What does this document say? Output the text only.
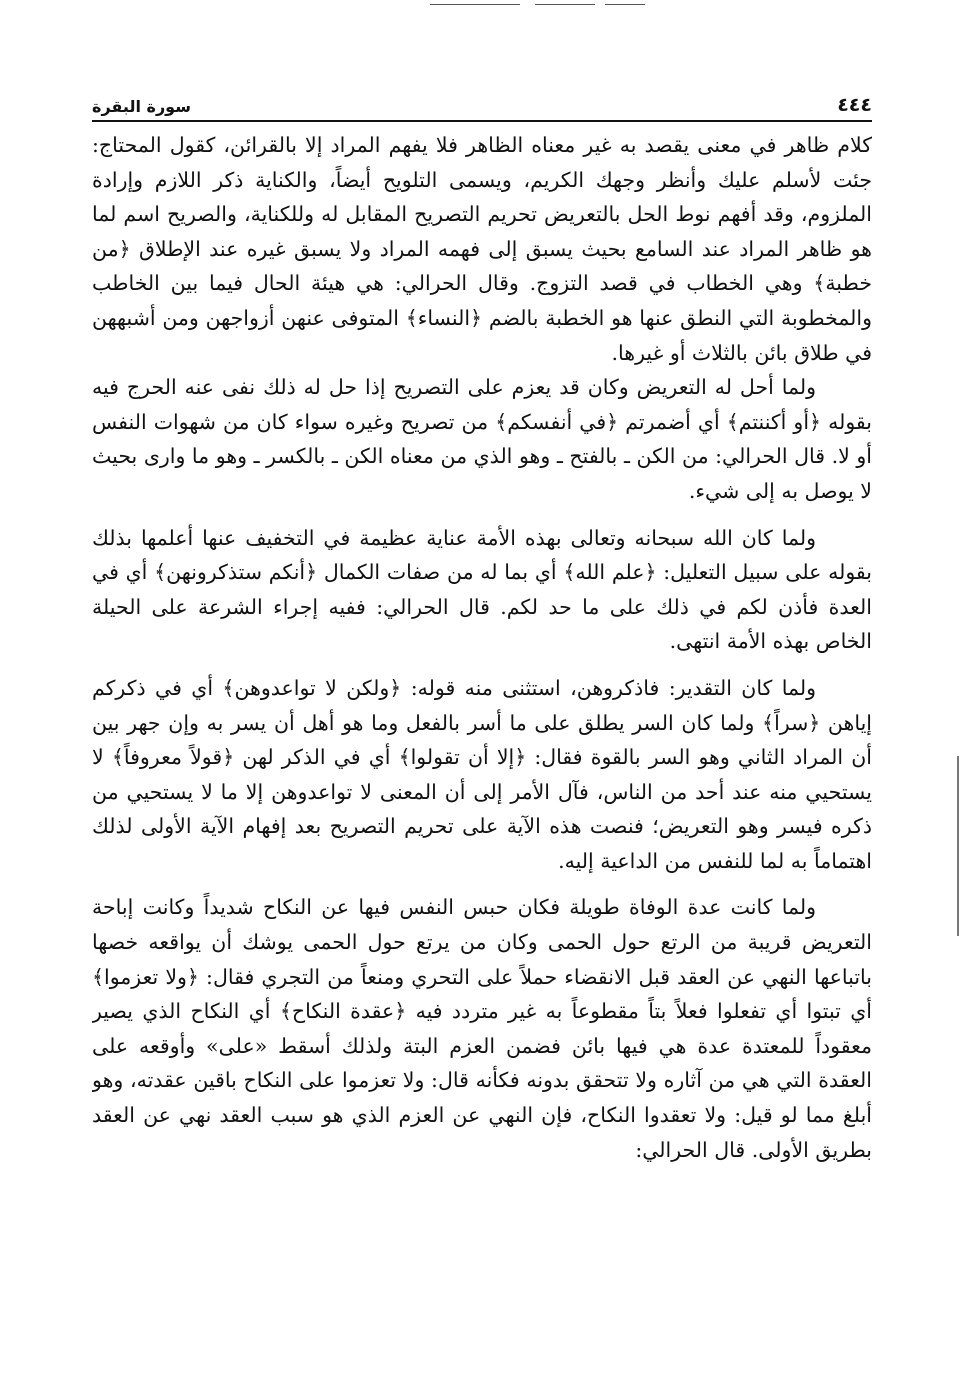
٤٤٤
سورة البقرة

كلام ظاهر في معنى يقصد به غير معناه الظاهر فلا يفهم المراد إلا بالقرائن، كقول المحتاج: جئت لأسلم عليك وأنظر وجهك الكريم، ويسمى التلويح أيضاً، والكناية ذكر اللازم وإرادة الملزوم، وقد أفهم نوط الحل بالتعريض تحريم التصريح المقابل له وللكناية، والصريح اسم لما هو ظاهر المراد عند السامع بحيث يسبق إلى فهمه المراد ولا يسبق غيره عند الإطلاق ﴿من خطبة﴾ وهي الخطاب في قصد التزوج. وقال الحرالي: هي هيئة الحال فيما بين الخاطب والمخطوبة التي النطق عنها هو الخطبة بالضم ﴿النساء﴾ المتوفى عنهن أزواجهن ومن أشبههن في طلاق بائن بالثلاث أو غيرها.

ولما أحل له التعريض وكان قد يعزم على التصريح إذا حل له ذلك نفى عنه الحرج فيه بقوله ﴿أو أكننتم﴾ أي أضمرتم ﴿في أنفسكم﴾ من تصريح وغيره سواء كان من شهوات النفس أو لا. قال الحرالي: من الكن ـ بالفتح ـ وهو الذي من معناه الكن ـ بالكسر ـ وهو ما وارى بحيث لا يوصل به إلى شيء.

ولما كان الله سبحانه وتعالى بهذه الأمة عناية عظيمة في التخفيف عنها أعلمها بذلك بقوله على سبيل التعليل: ﴿علم الله﴾ أي بما له من صفات الكمال ﴿أنكم ستذكرونهن﴾ أي في العدة فأذن لكم في ذلك على ما حد لكم. قال الحرالي: ففيه إجراء الشرعة على الحيلة الخاص بهذه الأمة انتهى.

ولما كان التقدير: فاذكروهن، استثنى منه قوله: ﴿ولكن لا تواعدوهن﴾ أي في ذكركم إياهن ﴿سراً﴾ ولما كان السر يطلق على ما أسر بالفعل وما هو أهل أن يسر به وإن جهر بين أن المراد الثاني وهو السر بالقوة فقال: ﴿إلا أن تقولوا﴾ أي في الذكر لهن ﴿قولاً معروفاً﴾ لا يستحيي منه عند أحد من الناس، فآل الأمر إلى أن المعنى لا تواعدوهن إلا ما لا يستحيي من ذكره فيسر وهو التعريض؛ فنصت هذه الآية على تحريم التصريح بعد إفهام الآية الأولى لذلك اهتماماً به لما للنفس من الداعية إليه.

ولما كانت عدة الوفاة طويلة فكان حبس النفس فيها عن النكاح شديداً وكانت إباحة التعريض قريبة من الرتع حول الحمى وكان من يرتع حول الحمى يوشك أن يواقعه خصها باتباعها النهي عن العقد قبل الانقضاء حملاً على التحري ومنعاً من التجري فقال: ﴿ولا تعزموا﴾ أي تبتوا أي تفعلوا فعلاً بتاً مقطوعاً به غير متردد فيه ﴿عقدة النكاح﴾ أي النكاح الذي يصير معقوداً للمعتدة عدة هي فيها بائن فضمن العزم البتة ولذلك أسقط «على» وأوقعه على العقدة التي هي من آثاره ولا تتحقق بدونه فكأنه قال: ولا تعزموا على النكاح باقين عقدته، وهو أبلغ مما لو قيل: ولا تعقدوا النكاح، فإن النهي عن العزم الذي هو سبب العقد نهي عن العقد بطريق الأولى. قال الحرالي:
